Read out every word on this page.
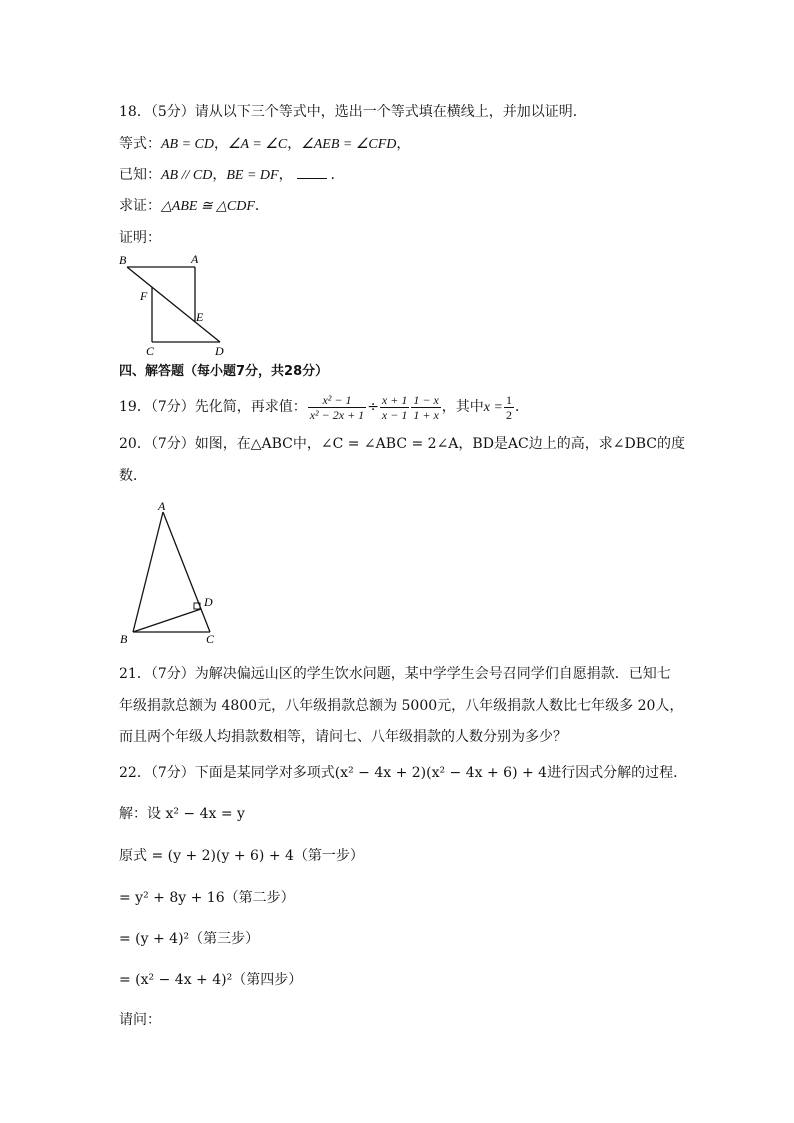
18．（5分）请从以下三个等式中，选出一个等式填在横线上，并加以证明．
等式：AB = CD，∠A = ∠C，∠AEB = ∠CFD，
已知：AB // CD，BE = DF，	．
求证：△ABE ≅ △CDF．
证明：
B	A
F
E
C	D
四、解答题（每小题7分，共28分）
19．（7分）先化简，再求值： $\frac{\text{x² − 1}}{\text{x² − 2x + 1}} \div \frac{x + 1}{x - 1} \frac{1 - x}{1 + x}$ ，其中$x = \frac{1}{2}$ ．
20．（7分）如图，在△ABC中，∠C = ∠ABC = 2∠A，BD是AC边上的高，求∠DBC的度
数．
A
B	C
D
21．（7分）为解决偏远山区的学生饮水问题，某中学学生会号召同学们自愿捐款．已知七
年级捐款总额为 4800元，八年级捐款总额为 5000元，八年级捐款人数比七年级多 20人，
而且两个年级人均捐款数相等，请问七、八年级捐款的人数分别为多少？
22．（7分）下面是某同学对多项式(x² − 4x + 2)(x² − 4x + 6) + 4进行因式分解的过程．
解：设 x² − 4x = y
原式 = (y + 2)(y + 6) + 4（第一步）
= y² + 8y + 16（第二步）
= (y + 4)²（第三步）
= (x² − 4x + 4)²（第四步）
请问：
